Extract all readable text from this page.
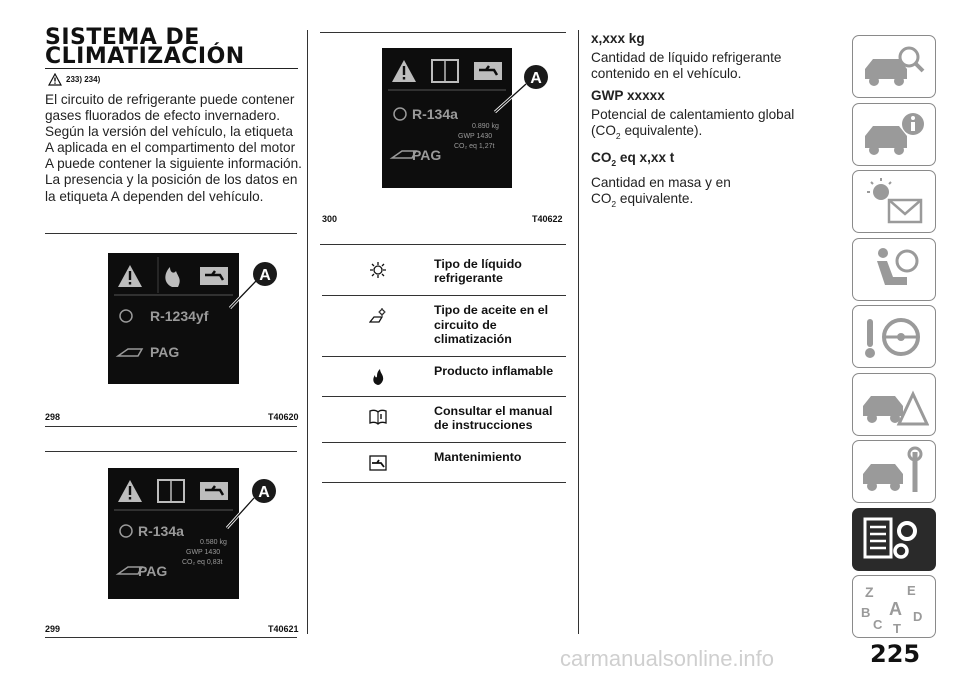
SISTEMA DE
CLIMATIZACIÓN
233) 234)
El circuito de refrigerante puede contener gases fluorados de efecto invernadero. Según la versión del vehículo, la etiqueta A aplicada en el compartimento del motor A puede contener la siguiente información. La presencia y la posición de los datos en la etiqueta A dependen del vehículo.
R-1234yf
PAG
A
298	T40620
R-134a
0.580 kg
GWP 1430
CO₂ eq 0,83t
PAG
A
299	T40621
R-134a
0.890 kg
GWP 1430
CO₂ eq 1,27t
PAG
A
300	T40622
Tipo de líquido refrigerante
Tipo de aceite en el circuito de climatización
Producto inflamable
Consultar el manual de instrucciones
Mantenimiento

x,xxx kg

Cantidad de líquido refrigerante contenido en el vehículo.

GWP xxxxx

Potencial de calentamiento global
($CO_2$ equivalente).

$CO_2$ eq x,xx t

Cantidad en masa y en
$CO_2$ equivalente.

Z	E
B A D
C T
225
carmanualsonline.info
